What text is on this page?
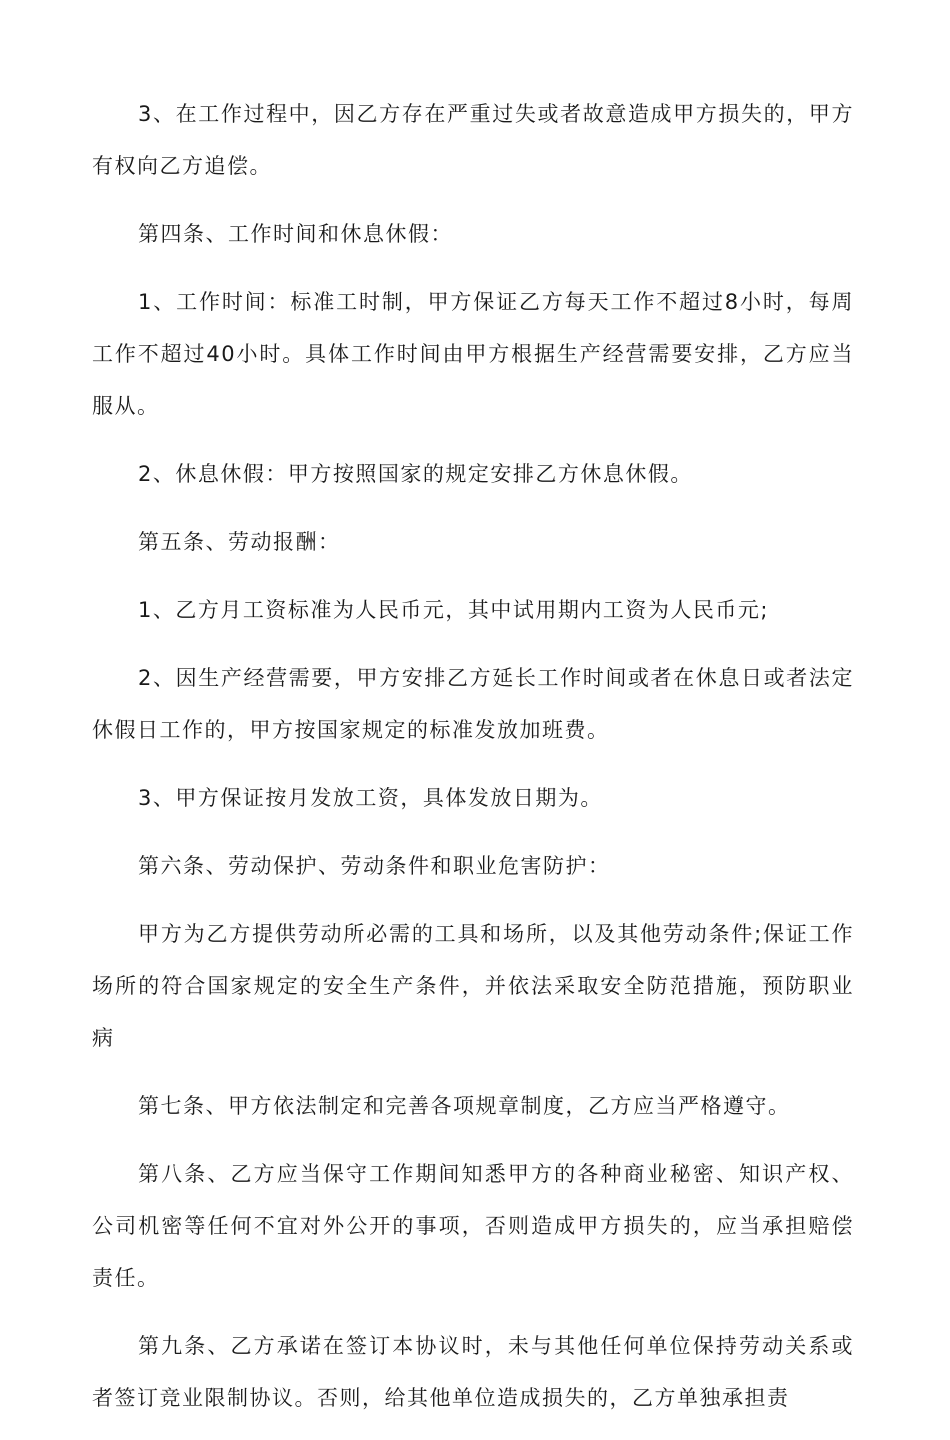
3、在工作过程中，因乙方存在严重过失或者故意造成甲方损失的，甲方有权向乙方追偿。

第四条、工作时间和休息休假：

1、工作时间：标准工时制，甲方保证乙方每天工作不超过8小时，每周工作不超过40小时。具体工作时间由甲方根据生产经营需要安排，乙方应当服从。

2、休息休假：甲方按照国家的规定安排乙方休息休假。

第五条、劳动报酬：

1、乙方月工资标准为人民币元，其中试用期内工资为人民币元;

2、因生产经营需要，甲方安排乙方延长工作时间或者在休息日或者法定休假日工作的，甲方按国家规定的标准发放加班费。

3、甲方保证按月发放工资，具体发放日期为。

第六条、劳动保护、劳动条件和职业危害防护：

甲方为乙方提供劳动所必需的工具和场所，以及其他劳动条件;保证工作场所的符合国家规定的安全生产条件，并依法采取安全防范措施，预防职业病

第七条、甲方依法制定和完善各项规章制度，乙方应当严格遵守。

第八条、乙方应当保守工作期间知悉甲方的各种商业秘密、知识产权、公司机密等任何不宜对外公开的事项，否则造成甲方损失的，应当承担赔偿责任。

第九条、乙方承诺在签订本协议时，未与其他任何单位保持劳动关系或者签订竞业限制协议。否则，给其他单位造成损失的，乙方单独承担责
